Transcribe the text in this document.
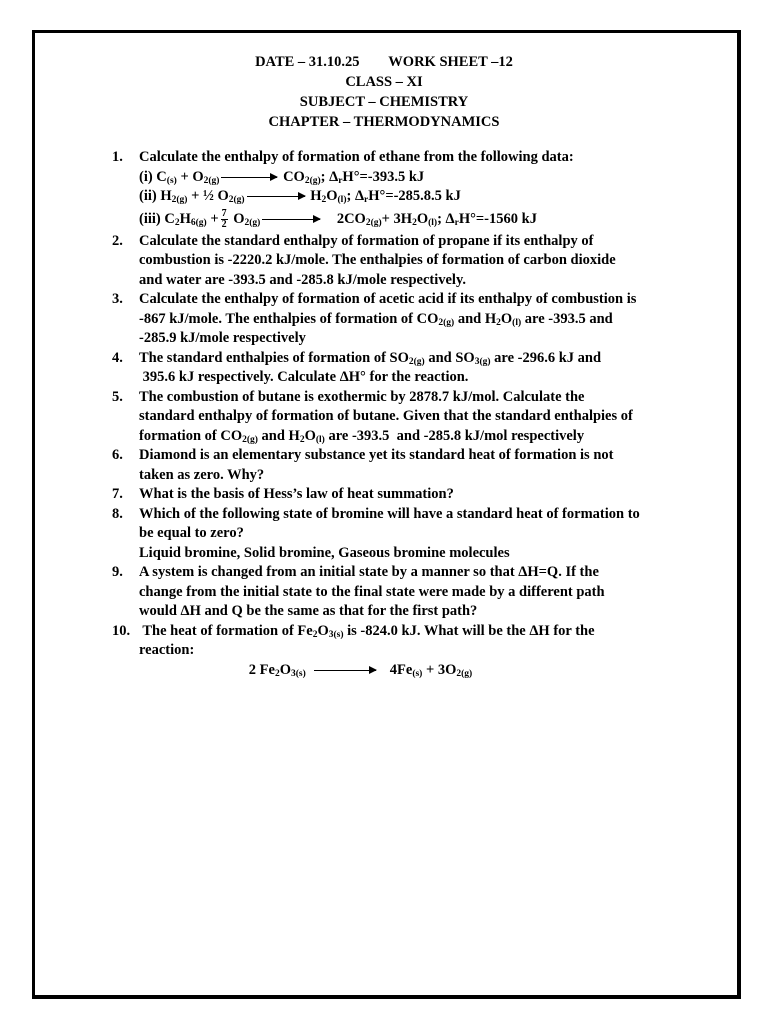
DATE – 31.10.25 WORK SHEET –12
CLASS – XI
SUBJECT – CHEMISTRY
CHAPTER – THERMODYNAMICS
1. Calculate the enthalpy of formation of ethane from the following data:
(i) $C_{(s)} + O_{2(g)} \to CO_{2(g)}$; $\Delta_rH^\circ=-393.5$ kJ
(ii) $H_{2(g)}$ + ½ $O_{2(g)} \to H_2O_{(l)}$; $\Delta_rH^\circ=-285.8.5$ kJ
(iii) $C_2H_{6(g)} + \frac{7}{2} O_{2(g)} \to 2CO_{2(g)}+ 3H_2O_{(l)}$; $\Delta_rH^\circ=-1560$ kJ
2. Calculate the standard enthalpy of formation of propane if its enthalpy of
combustion is -2220.2 kJ/mole. The enthalpies of formation of carbon dioxide
and water are -393.5 and -285.8 kJ/mole respectively.
3. Calculate the enthalpy of formation of acetic acid if its enthalpy of combustion is
-867 kJ/mole. The enthalpies of formation of $CO_{2(g)}$ and $H_2O_{(l)}$ are -393.5 and
-285.9 kJ/mole respectively
4. The standard enthalpies of formation of $SO_{2(g)}$ and $SO_{3(g)}$ are -296.6 kJ and
395.6 kJ respectively. Calculate ΔH° for the reaction.
5. The combustion of butane is exothermic by 2878.7 kJ/mol. Calculate the
standard enthalpy of formation of butane. Given that the standard enthalpies of
formation of $CO_{2(g)}$ and $H_2O_{(l)}$ are -393.5  and -285.8 kJ/mol respectively
6. Diamond is an elementary substance yet its standard heat of formation is not
taken as zero. Why?
7. What is the basis of Hess’s law of heat summation?
8. Which of the following state of bromine will have a standard heat of formation to
be equal to zero?
Liquid bromine, Solid bromine, Gaseous bromine molecules
9. A system is changed from an initial state by a manner so that ΔH=Q. If the
change from the initial state to the final state were made by a different path
would ΔH and Q be the same as that for the first path?
10. The heat of formation of $Fe_2O_{3(s)}$ is -824.0 kJ. What will be the ΔH for the
reaction:
2 $Fe_2O_{3(s)}$	$4Fe_{(s)} + 3O_{2(g)}$
